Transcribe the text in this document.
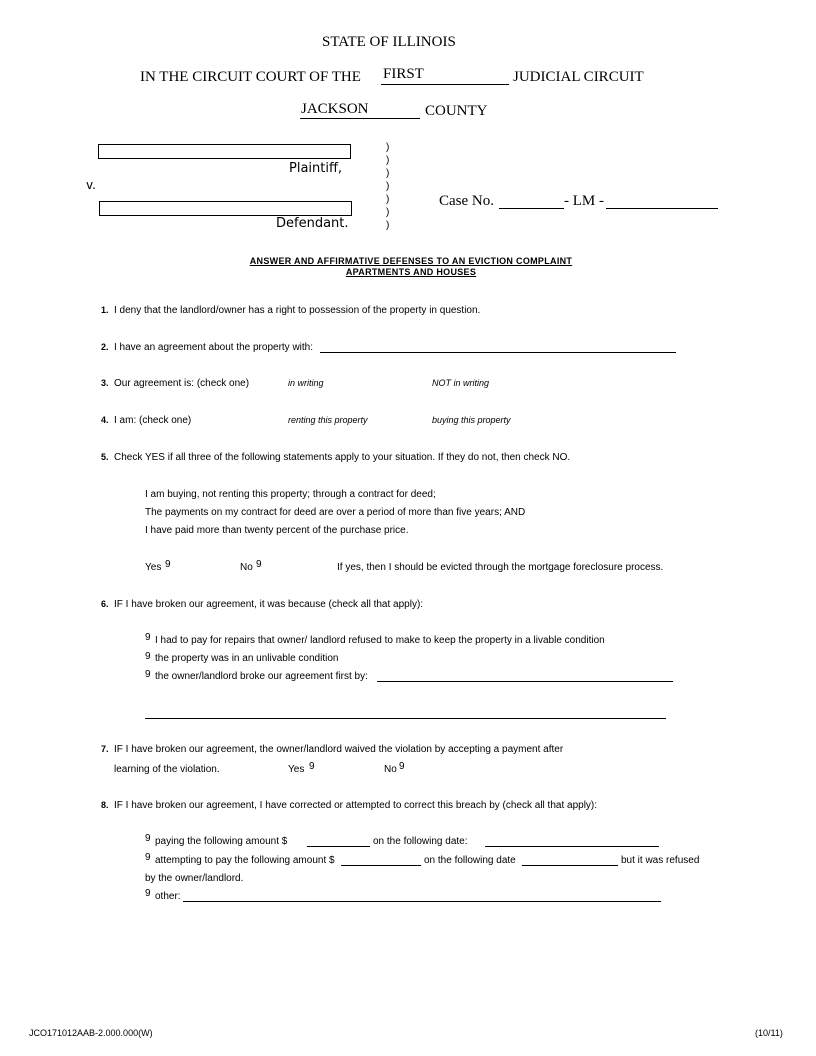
STATE OF ILLINOIS
IN THE CIRCUIT COURT OF THE FIRST	JUDICIAL CIRCUIT
JACKSON	COUNTY
Plaintiff,
v.
Defendant.
)
)
)
)
)
)
)
Case No.	- LM -
ANSWER AND AFFIRMATIVE DEFENSES TO AN EVICTION COMPLAINT
APARTMENTS AND HOUSES
1. I deny that the landlord/owner has a right to possession of the property in question.
2. I have an agreement about the property with:
3. Our agreement is: (check one)	in writing	NOT in writing
4. I am: (check one)	renting this property	buying this property
5. Check YES if all three of the following statements apply to your situation. If they do not, then check NO.
I am buying, not renting this property; through a contract for deed;
The payments on my contract for deed are over a period of more than five years; AND
I have paid more than twenty percent of the purchase price.
Yes 9	No 9	If yes, then I should be evicted through the mortgage foreclosure process.
6. IF I have broken our agreement, it was because (check all that apply):
9 I had to pay for repairs that owner/ landlord refused to make to keep the property in a livable condition
9 the property was in an unlivable condition
9 the owner/landlord broke our agreement first by:
7. IF I have broken our agreement, the owner/landlord waived the violation by accepting a payment after
learning of the violation.	Yes 9	No 9
8. IF I have broken our agreement, I have corrected or attempted to correct this breach by (check all that apply):
9 paying the following amount $	on the following date:
9 attempting to pay the following amount $	on the following date	but it was refused
by the owner/landlord.
9 other:
JCO171012AAB-2.000.000(W)	(10/11)
